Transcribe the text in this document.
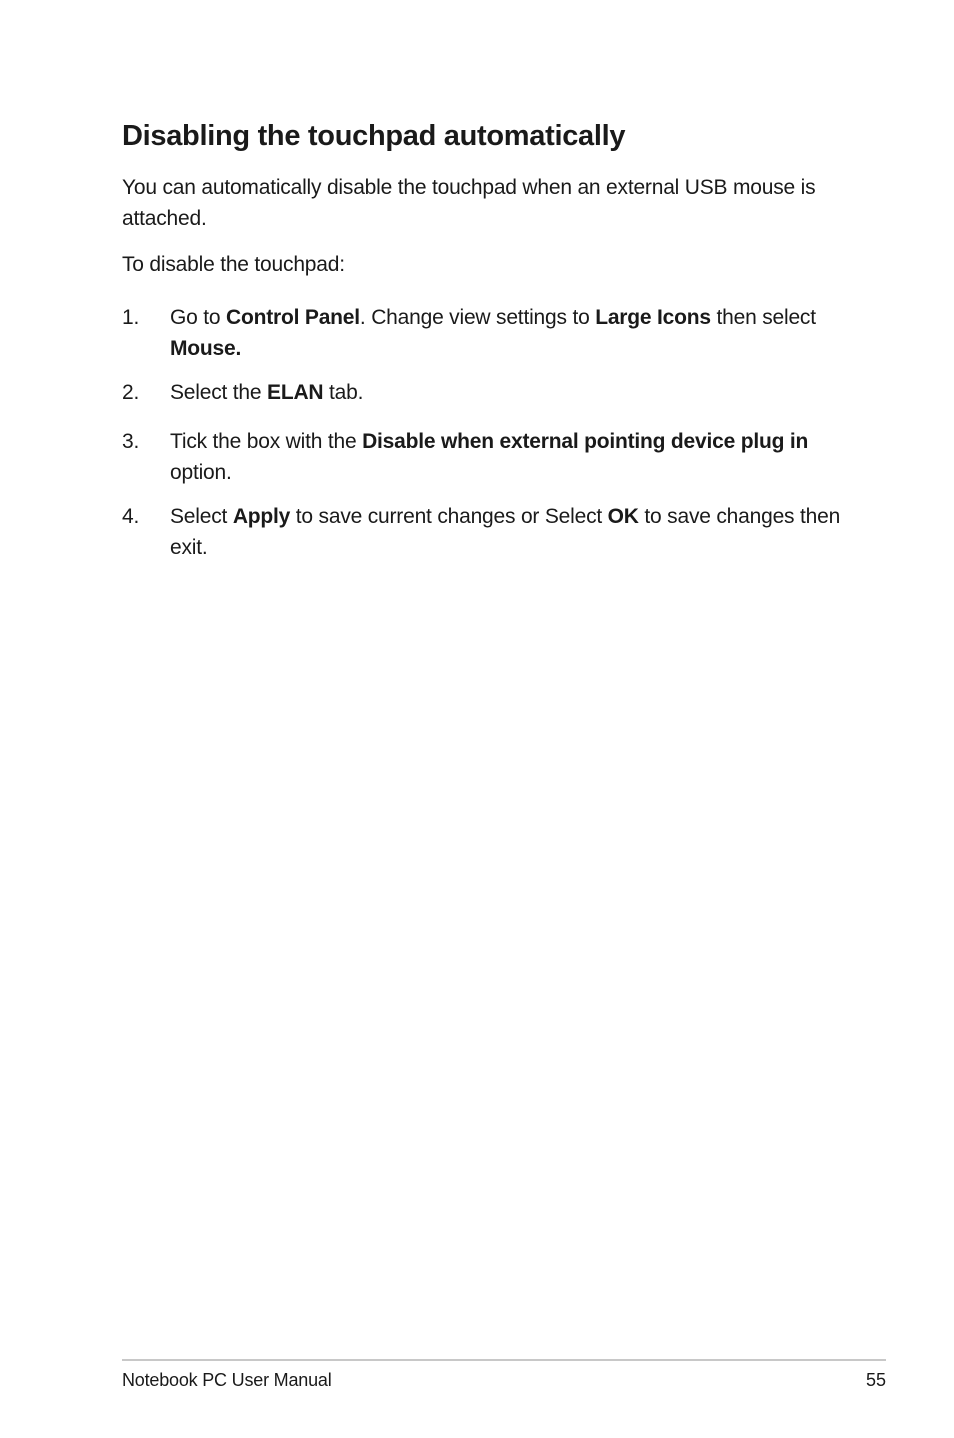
Disabling the touchpad automatically

You can automatically disable the touchpad when an external USB mouse is attached.

To disable the touchpad:

1. Go to Control Panel. Change view settings to Large Icons then select Mouse.
2. Select the ELAN tab.
3. Tick the box with the Disable when external pointing device plug in option.
4. Select Apply to save current changes or Select OK to save changes then exit.
Notebook PC User Manual	55
